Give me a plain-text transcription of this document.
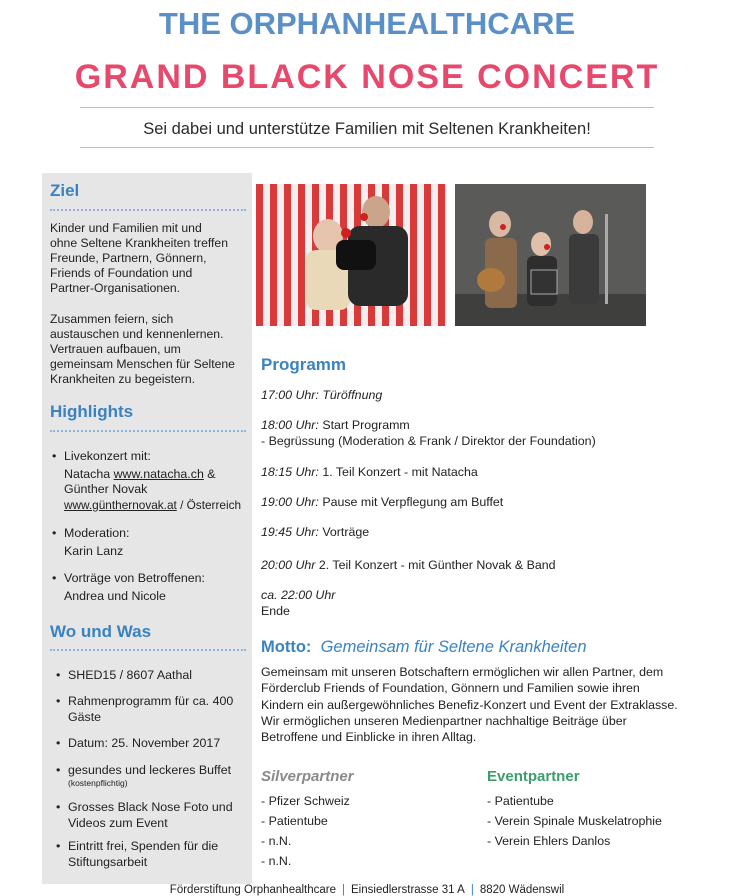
THE ORPHANHEALTHCARE
GRAND BLACK NOSE CONCERT
Sei dabei und unterstütze Familien mit Seltenen Krankheiten!
Ziel
Kinder und Familien mit und
ohne Seltene Krankheiten treffen
Freunde, Partnern, Gönnern,
Friends of Foundation und
Partner-Organisationen.
Zusammen feiern, sich
austauschen und kennenlernen.
Vertrauen aufbauen, um
gemeinsam Menschen für Seltene
Krankheiten zu begeistern.
Highlights
• Livekonzert mit:
Natacha www.natacha.ch &
Günther Novak
www.günthernovak.at / Österreich
• Moderation:
Karin Lanz
• Vorträge von Betroffenen:
Andrea und Nicole
Wo und Was
• SHED15 / 8607 Aathal
• Rahmenprogramm für ca. 400
Gäste
• Datum: 25. November 2017
• gesundes und leckeres Buffet
(kostenpflichtig)
• Grosses Black Nose Foto und
Videos zum Event
• Eintritt frei, Spenden für die
Stiftungsarbeit
Programm
17:00 Uhr: Türöffnung
18:00 Uhr: Start Programm
- Begrüssung (Moderation & Frank / Direktor der Foundation)
18:15 Uhr: 1. Teil Konzert - mit Natacha
19:00 Uhr: Pause mit Verpflegung am Buffet
19:45 Uhr: Vorträge
20:00 Uhr 2. Teil Konzert - mit Günther Novak & Band
ca. 22:00 Uhr
Ende
Motto: Gemeinsam für Seltene Krankheiten
Gemeinsam mit unseren Botschaftern ermöglichen wir allen Partner, dem
Förderclub Friends of Foundation, Gönnern und Familien sowie ihren
Kindern ein außergewöhnliches Benefiz-Konzert und Event der Extraklasse.
Wir ermöglichen unseren Medienpartner nachhaltige Beiträge über
Betroffene und Einblicke in ihren Alltag.
Silverpartner
- Pfizer Schweiz
- Patientube
- n.N.
- n.N.
Eventpartner
- Patientube
- Verein Spinale Muskelatrophie
- Verein Ehlers Danlos
Förderstiftung Orphanhealthcare | Einsiedlerstrasse 31 A | 8820 Wädenswil
